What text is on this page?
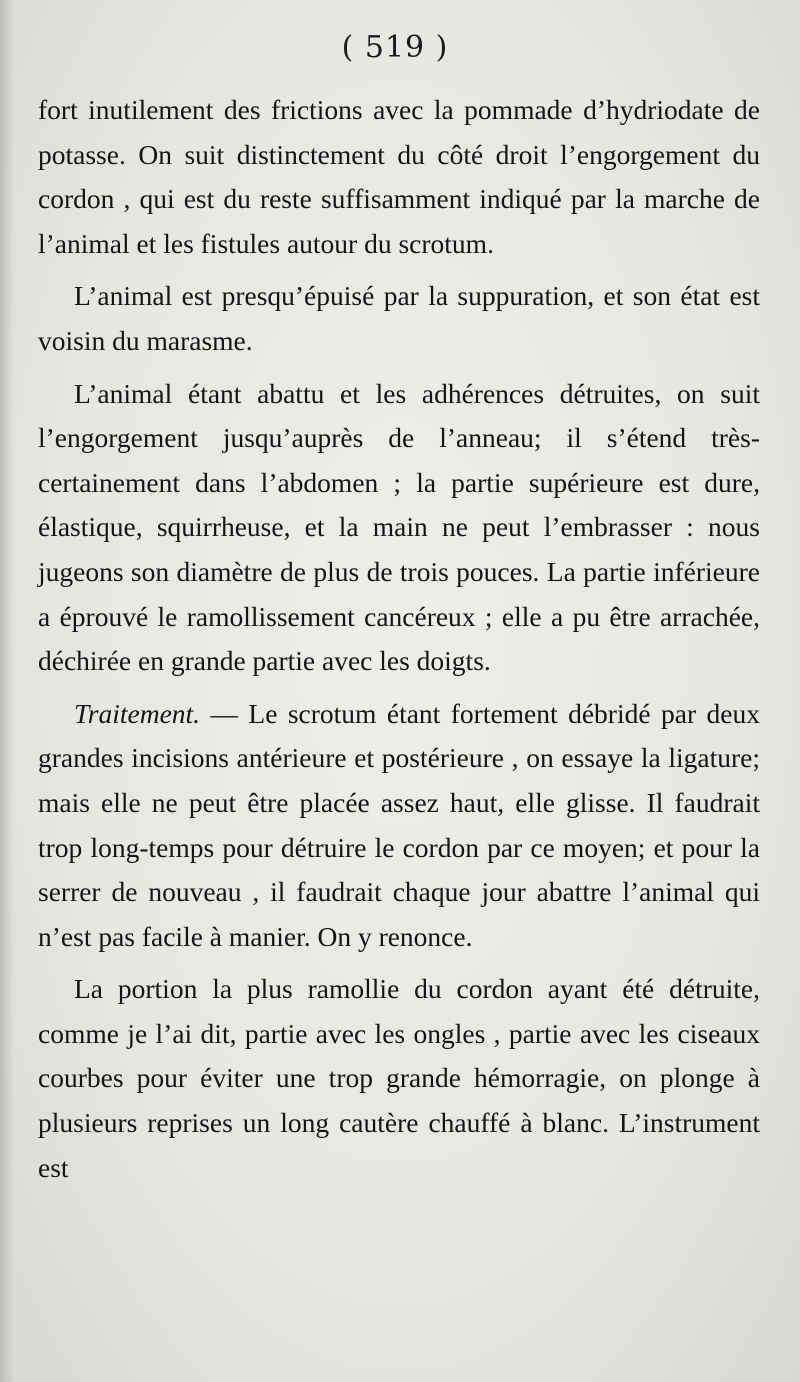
( 519 )

fort inutilement des frictions avec la pommade d’hydriodate de potasse. On suit distinctement du côté droit l’engorgement du cordon , qui est du reste suffisamment indiqué par la marche de l’animal et les fistules autour du scrotum.

L’animal est presqu’épuisé par la suppuration, et son état est voisin du marasme.

L’animal étant abattu et les adhérences détruites, on suit l’engorgement jusqu’auprès de l’anneau; il s’étend très-certainement dans l’abdomen ; la partie supérieure est dure, élastique, squirrheuse, et la main ne peut l’embrasser : nous jugeons son diamètre de plus de trois pouces. La partie inférieure a éprouvé le ramollissement cancéreux ; elle a pu être arrachée, déchirée en grande partie avec les doigts.

Traitement. — Le scrotum étant fortement débridé par deux grandes incisions antérieure et postérieure , on essaye la ligature; mais elle ne peut être placée assez haut, elle glisse. Il faudrait trop long-temps pour détruire le cordon par ce moyen; et pour la serrer de nouveau , il faudrait chaque jour abattre l’animal qui n’est pas facile à manier. On y renonce.

La portion la plus ramollie du cordon ayant été détruite, comme je l’ai dit, partie avec les ongles , partie avec les ciseaux courbes pour éviter une trop grande hémorragie, on plonge à plusieurs reprises un long cautère chauffé à blanc. L’instrument est
